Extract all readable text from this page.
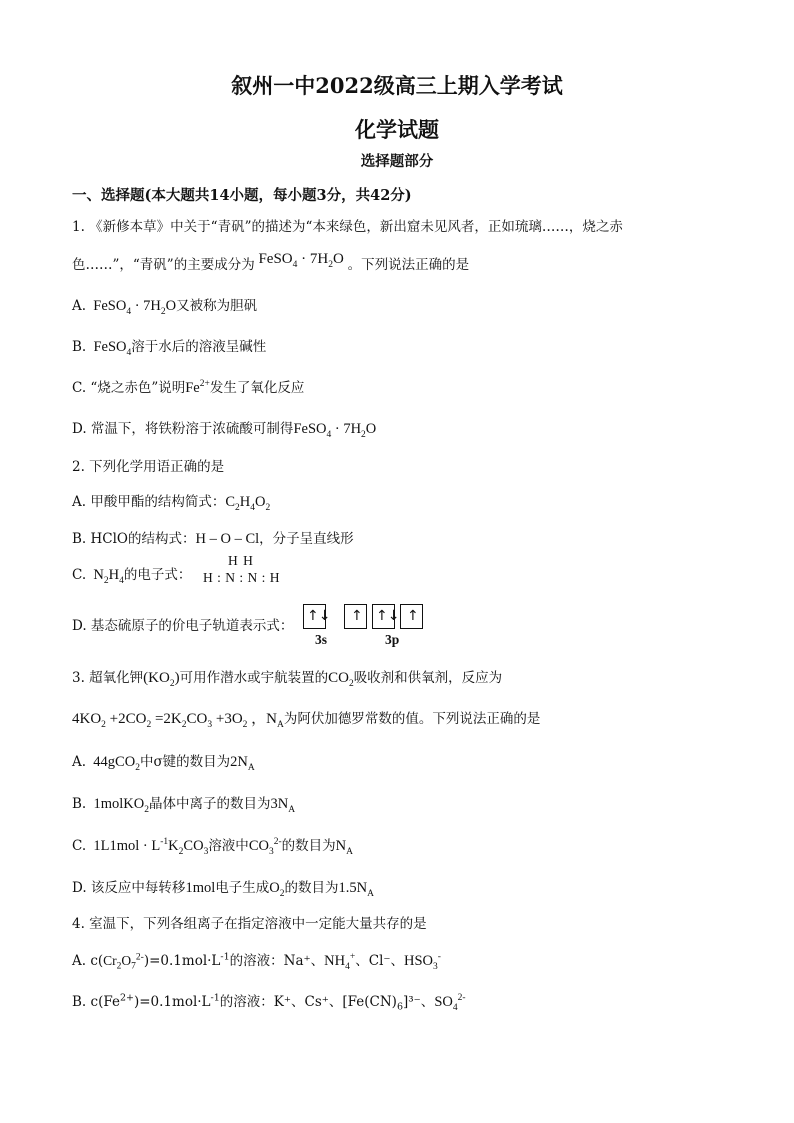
叙州一中2022级高三上期入学考试
化学试题
选择题部分
一、选择题(本大题共14小题，每小题3分，共42分)
1. 《新修本草》中关于“青矾”的描述为“本来绿色，新出窟未见风者，正如琉璃……，烧之赤
色……”，“青矾”的主要成分为 FeSO$_4$ · $7H_2O$ 。下列说法正确的是
A.  FeSO$_4$ · $7H_2O$又被称为胆矾
B.  FeSO$_4$溶于水后的溶液呈碱性
C. “烧之赤色”说明$Fe^{2+}$发生了氧化反应
D. 常温下，将铁粉溶于浓硫酸可制得FeSO$_4$ · $7H_2O$
2. 下列化学用语正确的是
A. 甲酸甲酯的结构简式：$C_2H_4O_2$
B. HClO的结构式：H – O – Cl，分子呈直线形
C.  $N_2H_4$的电子式：
H H
H : N : N : H
D. 基态硫原子的价电子轨道表示式：
↑↓ ↑ ↑↓ ↑
3s	3p
3. 超氧化钾$(KO_2)$可用作潜水或宇航装置的$CO_2$吸收剂和供氧剂，反应为
$4KO_2 +2CO_2 =2K_2CO_3 +3O_2$ ，$N_A$为阿伏加德罗常数的值。下列说法正确的是
A.  44gCO$_2$中σ键的数目为$2N_A$
B.  1molKO$_2$晶体中离子的数目为$3N_A$
C.  $1L1mol \cdot L^{-1}K_2CO_3$溶液中$CO_3^{2-}$的数目为$N_A$
D. 该反应中每转移1mol电子生成$O_2$的数目为$1.5N_A$
4. 室温下，下列各组离子在指定溶液中一定能大量共存的是
A. $c(Cr_2O_7^{2-})=0.1mol\cdot L^{-1}$的溶液：Na⁺、$NH_4^+$、Cl⁻、$HSO_3^-$
B. $c(Fe^{2+})=0.1mol\cdot L^{-1}$的溶液：K⁺、Cs⁺、$[Fe(CN)_6]^{3-}$、$SO_4^{2-}$
